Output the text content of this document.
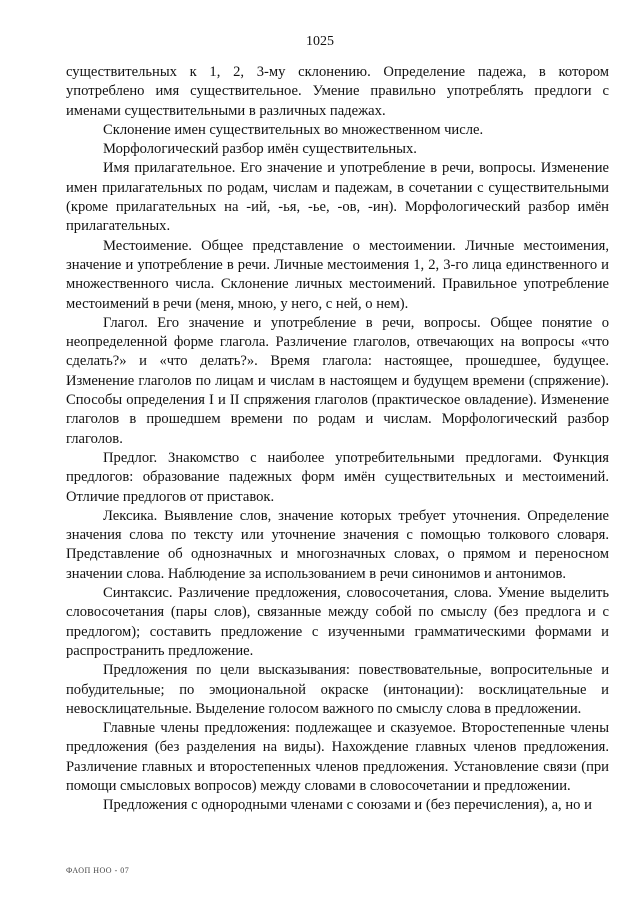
1025

существительных к 1, 2, 3-му склонению. Определение падежа, в котором употреблено имя существительное. Умение правильно употреблять предлоги с именами существительными в различных падежах.

Склонение имен существительных во множественном числе.

Морфологический разбор имён существительных.

Имя прилагательное. Его значение и употребление в речи, вопросы. Изменение имен прилагательных по родам, числам и падежам, в сочетании с существительными (кроме прилагательных на -ий, -ья, -ье, -ов, -ин). Морфологический разбор имён прилагательных.

Местоимение. Общее представление о местоимении. Личные местоимения, значение и употребление в речи. Личные местоимения 1, 2, 3-го лица единственного и множественного числа. Склонение личных местоимений. Правильное употребление местоимений в речи (меня, мною, у него, с ней, о нем).

Глагол. Его значение и употребление в речи, вопросы. Общее понятие о неопределенной форме глагола. Различение глаголов, отвечающих на вопросы «что сделать?» и «что делать?». Время глагола: настоящее, прошедшее, будущее. Изменение глаголов по лицам и числам в настоящем и будущем времени (спряжение). Способы определения I и II спряжения глаголов (практическое овладение). Изменение глаголов в прошедшем времени по родам и числам. Морфологический разбор глаголов.

Предлог. Знакомство с наиболее употребительными предлогами. Функция предлогов: образование падежных форм имён существительных и местоимений. Отличие предлогов от приставок.

Лексика. Выявление слов, значение которых требует уточнения. Определение значения слова по тексту или уточнение значения с помощью толкового словаря. Представление об однозначных и многозначных словах, о прямом и переносном значении слова. Наблюдение за использованием в речи синонимов и антонимов.

Синтаксис. Различение предложения, словосочетания, слова. Умение выделить словосочетания (пары слов), связанные между собой по смыслу (без предлога и с предлогом); составить предложение с изученными грамматическими формами и распространить предложение.

Предложения по цели высказывания: повествовательные, вопросительные и побудительные; по эмоциональной окраске (интонации): восклицательные и невосклицательные. Выделение голосом важного по смыслу слова в предложении.

Главные члены предложения: подлежащее и сказуемое. Второстепенные члены предложения (без разделения на виды). Нахождение главных членов предложения. Различение главных и второстепенных членов предложения. Установление связи (при помощи смысловых вопросов) между словами в словосочетании и предложении.

Предложения с однородными членами с союзами и (без перечисления), а, но и

ФАОП НОО - 07
